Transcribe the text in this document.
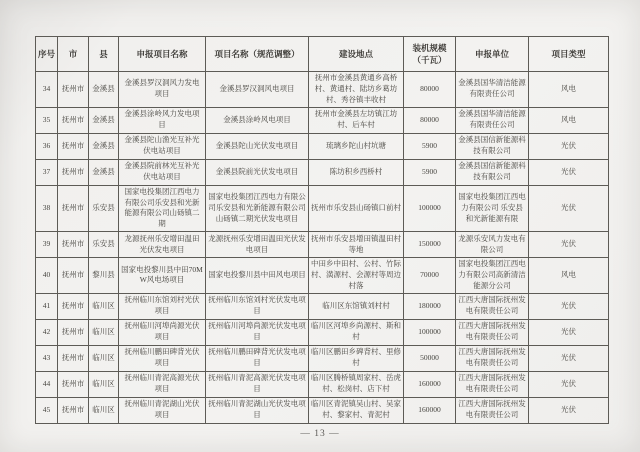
序号	市	县	申报项目名称	项目名称（规范调整）	建设地点	装机规模（千瓦）	申报单位	项目类型
34	抚州市	金溪县	金溪县罗汉洞风力发电项目	金溪县罗汉洞风电项目	抚州市金溪县黄通乡高桥村、黄通村、陆坊乡葛坊村、秀谷镇丰收村	80000	金溪县国华清洁能源有限责任公司	风电
35	抚州市	金溪县	金溪县涂岭风力发电项目	金溪县涂岭风电项目	抚州市金溪县左坊镇江坊村、后车村	80000	金溪县国华清洁能源有限责任公司	风电
36	抚州市	金溪县	金溪县陀山渔光互补光伏电站项目	金溪县陀山光伏发电项目	琉璃乡陀山村坑塘	5900	金溪县国信新能源科技有限公司	光伏
37	抚州市	金溪县	金溪县院前林光互补光伏电站项目	金溪县院前光伏发电项目	陈坊积乡西桥村	5900	金溪县国信新能源科技有限公司	光伏
38	抚州市	乐安县	国家电投集团江西电力有限公司乐安县和光新能源有限公司山砀镇二期	国家电投集团江西电力有限公司乐安县和光新能源有限公司山砀镇二期光伏发电项目	抚州市乐安县山砀镇口前村	100000	国家电投集团江西电力有限公司 乐安县和光新能源有限	光伏
39	抚州市	乐安县	龙源抚州乐安增田温田光伏发电项目	龙源抚州乐安增田温田光伏发电项目	抚州市乐安县增田镇温田村等地	150000	龙源乐安风力发电有限公司	光伏
40	抚州市	黎川县	国家电投黎川县中田70MW风电场项目	国家电投黎川县中田风电项目	中田乡中田村、公村、竹际村、潢源村、会源村等周边村落	70000	国家电投集团江西电力有限公司高新清洁能源分公司	风电
41	抚州市	临川区	抚州临川东馆刘村光伏项目	抚州临川东馆刘村光伏发电项目	临川区东馆镇刘村村	180000	江西大唐国际抚州发电有限责任公司	光伏
42	抚州市	临川区	抚州临川河埠尚源光伏项目	抚州临川河埠尚源光伏发电项目	临川区河埠乡尚源村、斯和村	100000	江西大唐国际抚州发电有限责任公司	光伏
43	抚州市	临川区	抚州临川鹏田碑背光伏项目	抚州临川鹏田碑背光伏发电项目	临川区鹏田乡碑背村、里修村	50000	江西大唐国际抚州发电有限责任公司	光伏
44	抚州市	临川区	抚州临川青泥高源光伏项目	抚州临川青泥高源光伏发电项目	临川区腾桥镇周家村、岳虎村、松岗村、店下村	160000	江西大唐国际抚州发电有限责任公司	光伏
45	抚州市	临川区	抚州临川青泥湖山光伏项目	抚州临川青泥湖山光伏发电项目	临川区青泥镇吴山村、吴家村、黎家村、青泥村	160000	江西大唐国际抚州发电有限责任公司	光伏
— 13 —
